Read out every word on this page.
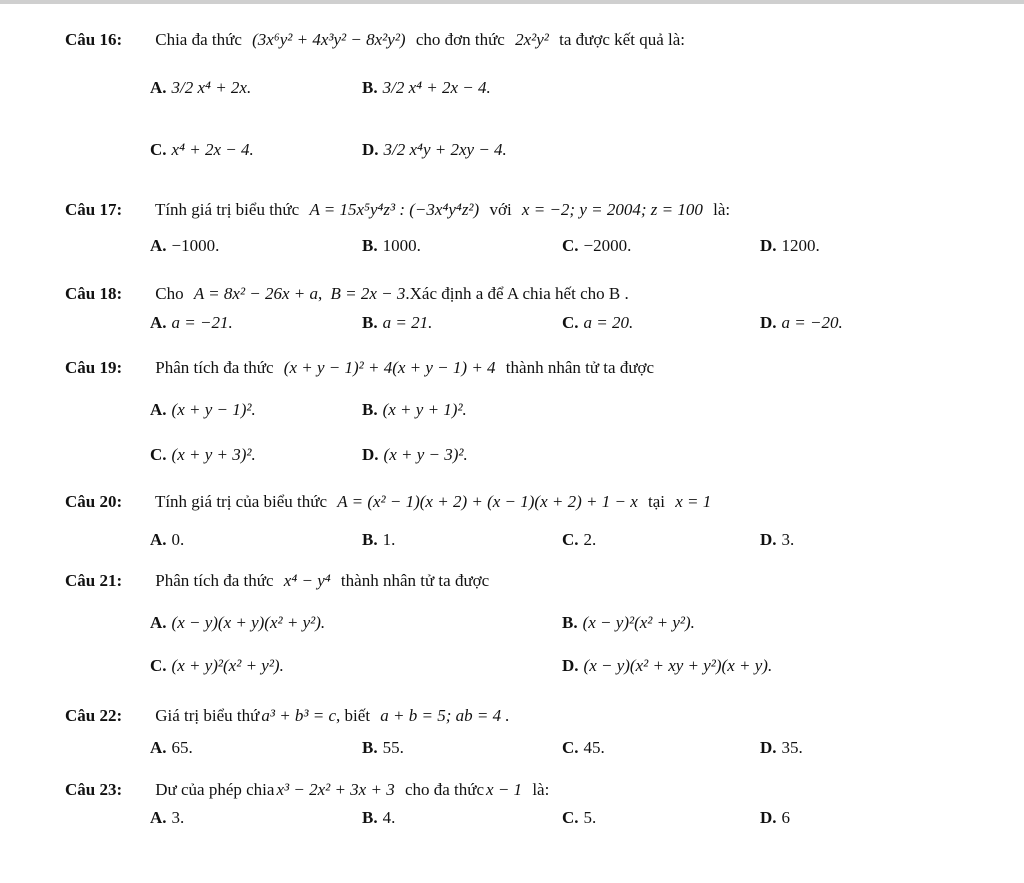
Câu 16: Chia đa thức (3x⁶y² + 4x³y² − 8x²y²) cho đơn thức 2x²y² ta được kết quả là:
A. 3/2 x⁴ + 2x.	B. 3/2 x⁴ + 2x − 4.
C. x⁴ + 2x − 4.	D. 3/2 x⁴y + 2xy − 4.
Câu 17: Tính giá trị biểu thức A = 15x⁵y⁴z³ : (−3x⁴y⁴z²) với x = −2; y = 2004; z = 100 là:
A. −1000.	B. 1000.	C. −2000.	D. 1200.
Câu 18: Cho A = 8x² − 26x + a, B = 2x − 3.Xác định a để A chia hết cho B .
A. a = −21.	B. a = 21.	C. a = 20.	D. a = −20.
Câu 19: Phân tích đa thức (x + y − 1)² + 4(x + y − 1) + 4 thành nhân tử ta được
A. (x + y − 1)².	B. (x + y + 1)².
C. (x + y + 3)².	D. (x + y − 3)².
Câu 20: Tính giá trị của biểu thức A = (x² − 1)(x + 2) + (x − 1)(x + 2) + 1 − x tại x = 1
A. 0.	B. 1.	C. 2.	D. 3.
Câu 21: Phân tích đa thức x⁴ − y⁴ thành nhân tử ta được
A. (x − y)(x + y)(x² + y²).	B. (x − y)²(x² + y²).
C. (x + y)²(x² + y²).	D. (x − y)(x² + xy + y²)(x + y).
Câu 22: Giá trị biểu thứ a³ + b³ = c, biết a + b = 5; ab = 4 .
A. 65.	B. 55.	C. 45.	D. 35.
Câu 23: Dư của phép chia x³ − 2x² + 3x + 3 cho đa thức x − 1 là:
A. 3.	B. 4.	C. 5.	D. 6
